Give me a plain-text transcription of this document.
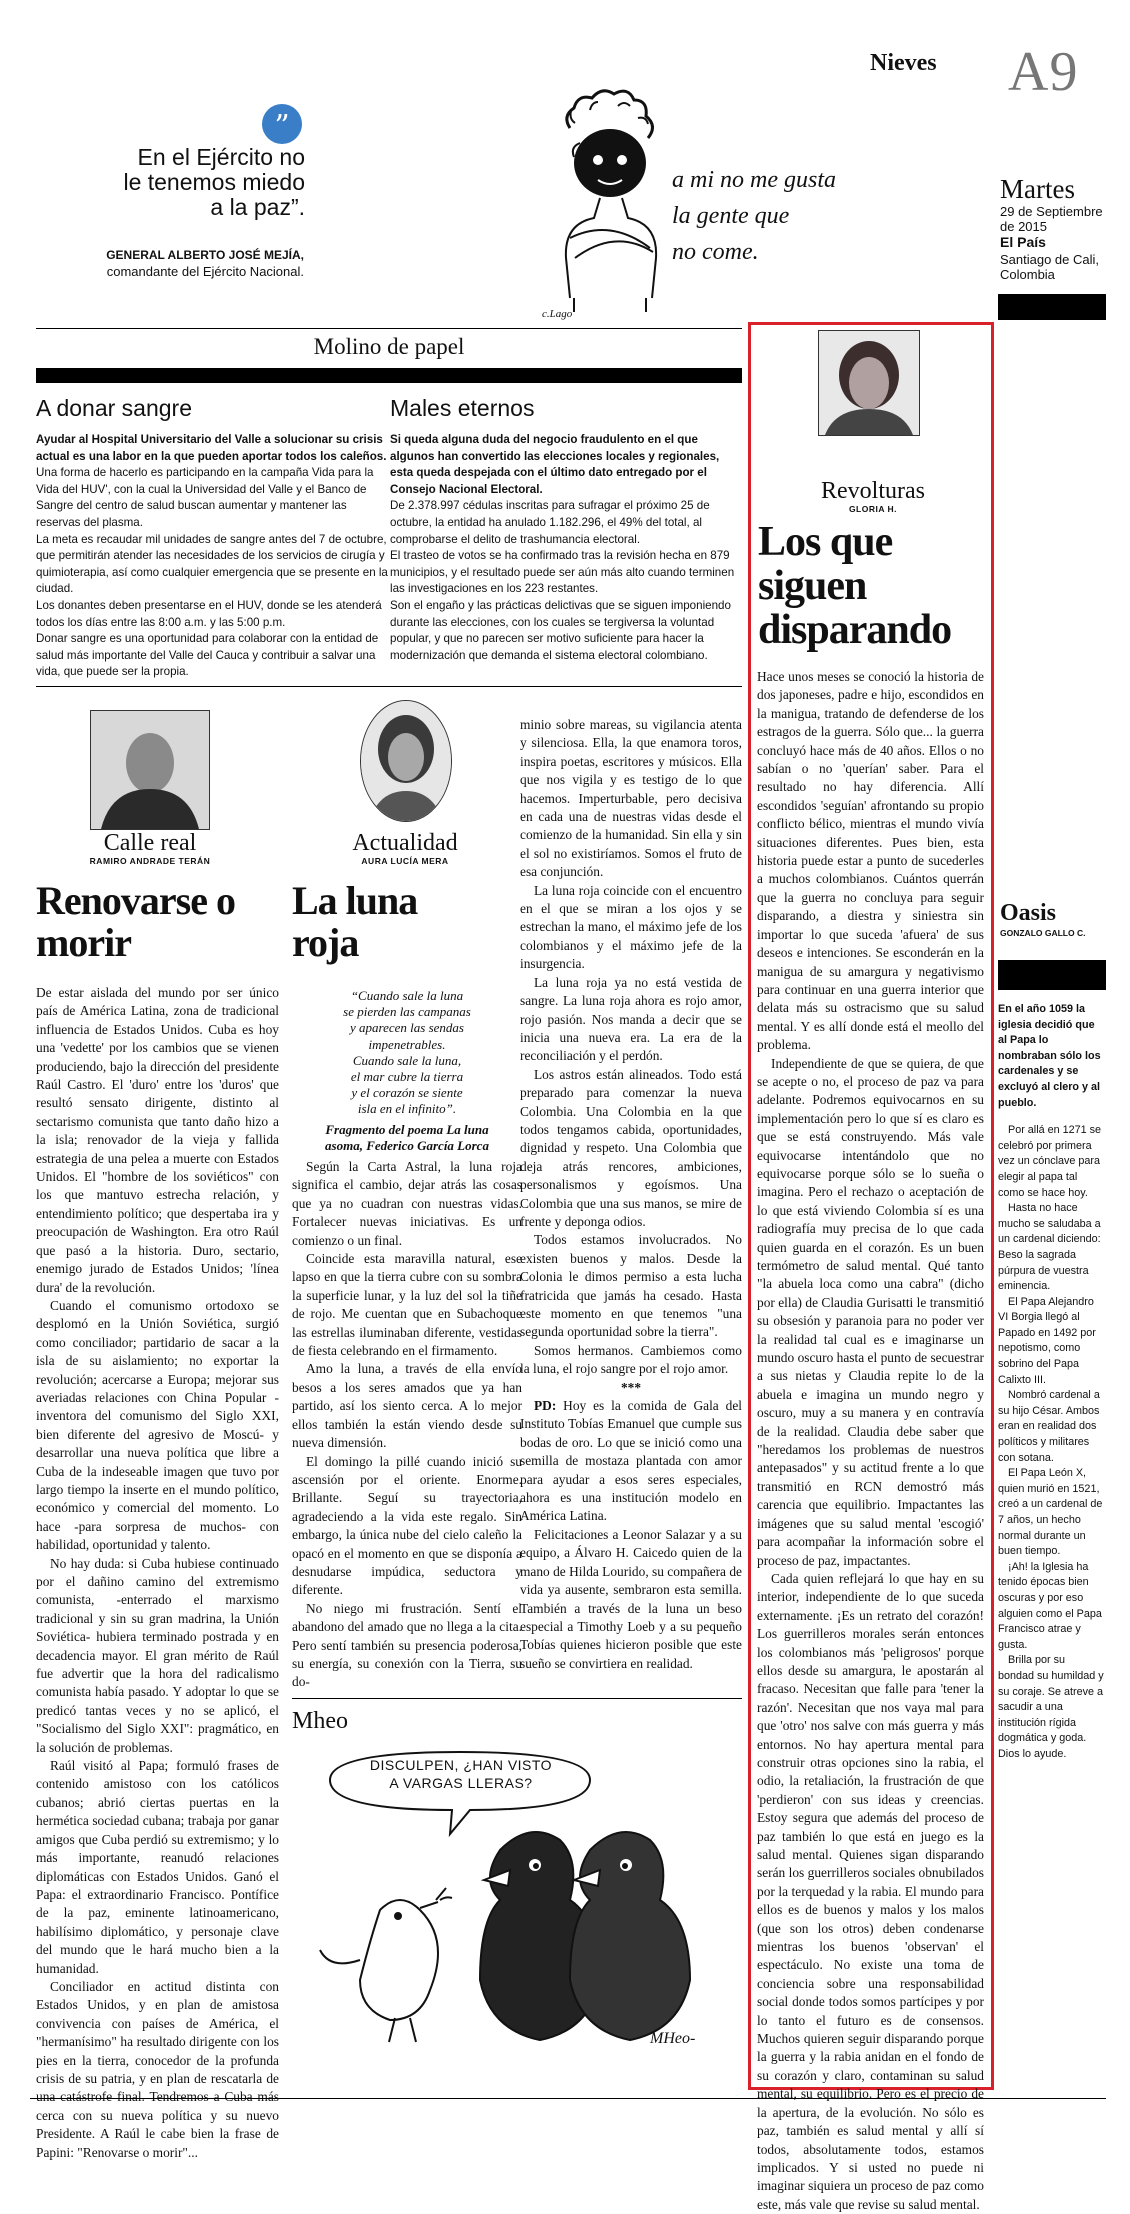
Nieves A9
Martes
29 de Septiembre
de 2015
El País
Santiago de Cali,
Colombia
”
En el Ejército no
le tenemos miedo
a la paz”.
GENERAL ALBERTO JOSÉ MEJÍA,
comandante del Ejército Nacional.
a mi no me gusta
la gente que
no come.
c.Lago
Molino de papel
A donar sangre

Ayudar al Hospital Universitario del Valle a solucionar su crisis actual es una labor en la que pueden aportar todos los caleños.

Una forma de hacerlo es participando en la campaña Vida para la Vida del HUV', con la cual la Universidad del Valle y el Banco de Sangre del centro de salud buscan aumentar y mantener las reservas del plasma.
La meta es recaudar mil unidades de sangre antes del 7 de octubre, que permitirán atender las necesidades de los servicios de cirugía y quimioterapia, así como cualquier emergencia que se presente en la ciudad.
Los donantes deben presentarse en el HUV, donde se les atenderá todos los días entre las 8:00 a.m. y las 5:00 p.m.
Donar sangre es una oportunidad para colaborar con la entidad de salud más importante del Valle del Cauca y contribuir a salvar una vida, que puede ser la propia.

Males eternos

Si queda alguna duda del negocio fraudulento en el que algunos han convertido las elecciones locales y regionales, esta queda despejada con el último dato entregado por el Consejo Nacional Electoral.

De 2.378.997 cédulas inscritas para sufragar el próximo 25 de octubre, la entidad ha anulado 1.182.296, el 49% del total, al comprobarse el delito de trashumancia electoral.
El trasteo de votos se ha confirmado tras la revisión hecha en 879 municipios, y el resultado puede ser aún más alto cuando terminen las investigaciones en los 223 restantes.
Son el engaño y las prácticas delictivas que se siguen imponiendo durante las elecciones, con los cuales se tergiversa la voluntad popular, y que no parecen ser motivo suficiente para hacer la modernización que demanda el sistema electoral colombiano.

Calle real
RAMIRO ANDRADE TERÁN
Renovarse o
morir

De estar aislada del mundo por ser único país de América Latina, zona de tradicional influencia de Estados Unidos. Cuba es hoy una 'vedette' por los cambios que se vienen produciendo, bajo la dirección del presidente Raúl Castro. El 'duro' entre los 'duros' que resultó sensato dirigente, distinto al sectarismo comunista que tanto daño hizo a la isla; renovador de la vieja y fallida estrategia de una pelea a muerte con Estados Unidos. El "hombre de los soviéticos" con los que mantuvo estrecha relación, y entendimiento político; que despertaba ira y preocupación de Washington. Era otro Raúl que pasó a la historia. Duro, sectario, enemigo jurado de Estados Unidos; 'línea dura' de la revolución.

Cuando el comunismo ortodoxo se desplomó en la Unión Soviética, surgió como conciliador; partidario de sacar a la isla de su aislamiento; no exportar la revolución; acercarse a Europa; mejorar sus averiadas relaciones con China Popular -inventora del comunismo del Siglo XXI, bien diferente del agresivo de Moscú- y desarrollar una nueva política que libre a Cuba de la indeseable imagen que tuvo por largo tiempo la inserte en el mundo político, económico y comercial del momento. Lo hace -para sorpresa de muchos- con habilidad, oportunidad y talento.

No hay duda: si Cuba hubiese continuado por el dañino camino del extremismo comunista, -enterrado el marxismo tradicional y sin su gran madrina, la Unión Soviética- hubiera terminado postrada y en decadencia mayor. El gran mérito de Raúl fue advertir que la hora del radicalismo comunista había pasado. Y adoptar lo que se predicó tantas veces y no se aplicó, el "Socialismo del Siglo XXI": pragmático, en la solución de problemas.

Raúl visitó al Papa; formuló frases de contenido amistoso con los católicos cubanos; abrió ciertas puertas en la hermética sociedad cubana; trabaja por ganar amigos que Cuba perdió su extremismo; y lo más importante, reanudó relaciones diplomáticas con Estados Unidos. Ganó el Papa: el extraordinario Francisco. Pontífice de la paz, eminente latinoamericano, habilísimo diplomático, y personaje clave del mundo que le hará mucho bien a la humanidad.

Conciliador en actitud distinta con Estados Unidos, y en plan de amistosa convivencia con países de América, el "hermanísimo" ha resultado dirigente con los pies en la tierra, conocedor de la profunda crisis de su patria, y en plan de rescatarla de una catástrofe final. Tendremos a Cuba más cerca con su nueva política y su nuevo Presidente. A Raúl le cabe bien la frase de Papini: "Renovarse o morir"...

Actualidad
AURA LUCÍA MERA
La luna
roja
“Cuando sale la luna
se pierden las campanas
y aparecen las sendas
impenetrables.
Cuando sale la luna,
el mar cubre la tierra
y el corazón se siente
isla en el infinito”.
Fragmento del poema La luna asoma, Federico García Lorca

Según la Carta Astral, la luna roja significa el cambio, dejar atrás las cosas que ya no cuadran con nuestras vidas. Fortalecer nuevas iniciativas. Es un comienzo o un final.

Coincide esta maravilla natural, ese lapso en que la tierra cubre con su sombra la superficie lunar, y la luz del sol la tiñe de rojo. Me cuentan que en Subachoque las estrellas iluminaban diferente, vestidas de fiesta celebrando en el firmamento.

Amo la luna, a través de ella envío besos a los seres amados que ya han partido, así los siento cerca. A lo mejor ellos también la están viendo desde su nueva dimensión.

El domingo la pillé cuando inició su ascensión por el oriente. Enorme. Brillante. Seguí su trayectoria, agradeciendo a la vida este regalo. Sin embargo, la única nube del cielo caleño la opacó en el momento en que se disponía a desnudarse impúdica, seductora y diferente.

No niego mi frustración. Sentí el abandono del amado que no llega a la cita. Pero sentí también su presencia poderosa, su energía, su conexión con la Tierra, su do-

minio sobre mareas, su vigilancia atenta y silenciosa. Ella, la que enamora toros, inspira poetas, escritores y músicos. Ella que nos vigila y es testigo de lo que hacemos. Imperturbable, pero decisiva en cada una de nuestras vidas desde el comienzo de la humanidad. Sin ella y sin el sol no existiríamos. Somos el fruto de esa conjunción.

La luna roja coincide con el encuentro en el que se miran a los ojos y se estrechan la mano, el máximo jefe de los colombianos y el máximo jefe de la insurgencia.

La luna roja ya no está vestida de sangre. La luna roja ahora es rojo amor, rojo pasión. Nos manda a decir que se inicia una nueva era. La era de la reconciliación y el perdón.

Los astros están alineados. Todo está preparado para comenzar la nueva Colombia. Una Colombia en la que todos tengamos cabida, oportunidades, dignidad y respeto. Una Colombia que deja atrás rencores, ambiciones, personalismos y egoísmos. Una Colombia que una sus manos, se mire de frente y deponga odios.

Todos estamos involucrados. No existen buenos y malos. Desde la Colonia le dimos permiso a esta lucha fratricida que jamás ha cesado. Hasta este momento en que tenemos "una segunda oportunidad sobre la tierra".

Somos hermanos. Cambiemos como la luna, el rojo sangre por el rojo amor.

***

PD: Hoy es la comida de Gala del Instituto Tobías Emanuel que cumple sus bodas de oro. Lo que se inició como una semilla de mostaza plantada con amor para ayudar a esos seres especiales, ahora es una institución modelo en América Latina.

Felicitaciones a Leonor Salazar y a su equipo, a Álvaro H. Caicedo quien de la mano de Hilda Lourido, su compañera de vida ya ausente, sembraron esta semilla. También a través de la luna un beso especial a Timothy Loeb y a su pequeño Tobías quienes hicieron posible que este sueño se convirtiera en realidad.

Mheo
DISCULPEN, ¿HAN VISTO
A VARGAS LLERAS?
MHeo-
Revolturas
GLORIA H.
Los que
siguen
disparando

Hace unos meses se conoció la historia de dos japoneses, padre e hijo, escondidos en la manigua, tratando de defenderse de los estragos de la guerra. Sólo que... la guerra concluyó hace más de 40 años. Ellos o no sabían o no 'querían' saber. Para el resultado no hay diferencia. Allí escondidos 'seguían' afrontando su propio conflicto bélico, mientras el mundo vivía situaciones diferentes. Pues bien, esta historia puede estar a punto de sucederles a muchos colombianos. Cuántos querrán que la guerra no concluya para seguir disparando, a diestra y siniestra sin importar lo que suceda 'afuera' de sus deseos e intenciones. Se esconderán en la manigua de su amargura y negativismo para continuar en una guerra interior que delata más su ostracismo que su salud mental. Y es allí donde está el meollo del problema.

Independiente de que se quiera, de que se acepte o no, el proceso de paz va para adelante. Podremos equivocarnos en su implementación pero lo que sí es claro es que se está construyendo. Más vale equivocarse intentándolo que no equivocarse porque sólo se lo sueña o imagina. Pero el rechazo o aceptación de lo que está viviendo Colombia sí es una radiografía muy precisa de lo que cada quien guarda en el corazón. Es un buen termómetro de salud mental. Qué tanto "la abuela loca como una cabra" (dicho por ella) de Claudia Gurisatti le transmitió su obsesión y paranoia para no poder ver la realidad tal cual es e imaginarse un mundo oscuro hasta el punto de secuestrar a sus nietas y Claudia repite lo de la abuela e imagina un mundo negro y oscuro, muy a su manera y en contravía de la realidad. Claudia debe saber que "heredamos los problemas de nuestros antepasados" y su actitud frente a lo que transmitió en RCN demostró más carencia que equilibrio. Impactantes las imágenes que su salud mental 'escogió' para acompañar la información sobre el proceso de paz, impactantes.

Cada quien reflejará lo que hay en su interior, independiente de lo que suceda externamente. ¡Es un retrato del corazón! Los guerrilleros morales serán entonces los colombianos más 'peligrosos' porque ellos desde su amargura, le apostarán al fracaso. Necesitan que falle para 'tener la razón'. Necesitan que nos vaya mal para que 'otro' nos salve con más guerra y más entornos. No hay apertura mental para construir otras opciones sino la rabia, el odio, la retaliación, la frustración de que 'perdieron' con sus ideas y creencias. Estoy segura que además del proceso de paz también lo que está en juego es la salud mental. Quienes sigan disparando serán los guerrilleros sociales obnubilados por la terquedad y la rabia. El mundo para ellos es de buenos y malos y los malos (que son los otros) deben condenarse mientras los buenos 'observan' el espectáculo. No existe una toma de conciencia sobre una responsabilidad social donde todos somos partícipes y por lo tanto el futuro es de consensos. Muchos quieren seguir disparando porque la guerra y la rabia anidan en el fondo de su corazón y claro, contaminan su salud mental, su equilibrio. Pero es el precio de la apertura, de la evolución. No sólo es paz, también es salud mental y allí sí todos, absolutamente todos, estamos implicados. Y si usted no puede ni imaginar siquiera un proceso de paz como este, más vale que revise su salud mental.

Oasis
GONZALO GALLO C.

En el año 1059 la iglesia decidió que al Papa lo nombraban sólo los cardenales y se excluyó al clero y al pueblo.

Por allá en 1271 se celebró por primera vez un cónclave para elegir al papa tal como se hace hoy.

Hasta no hace mucho se saludaba a un cardenal diciendo: Beso la sagrada púrpura de vuestra eminencia.

El Papa Alejandro VI Borgia llegó al Papado en 1492 por nepotismo, como sobrino del Papa Calixto III.

Nombró cardenal a su hijo César. Ambos eran en realidad dos políticos y militares con sotana.

El Papa León X, quien murió en 1521, creó a un cardenal de 7 años, un hecho normal durante un buen tiempo.

¡Ah! la Iglesia ha tenido épocas bien oscuras y por eso alguien como el Papa Francisco atrae y gusta.

Brilla por su bondad su humildad y su coraje. Se atreve a sacudir a una institución rígida dogmática y goda. Dios lo ayude.
